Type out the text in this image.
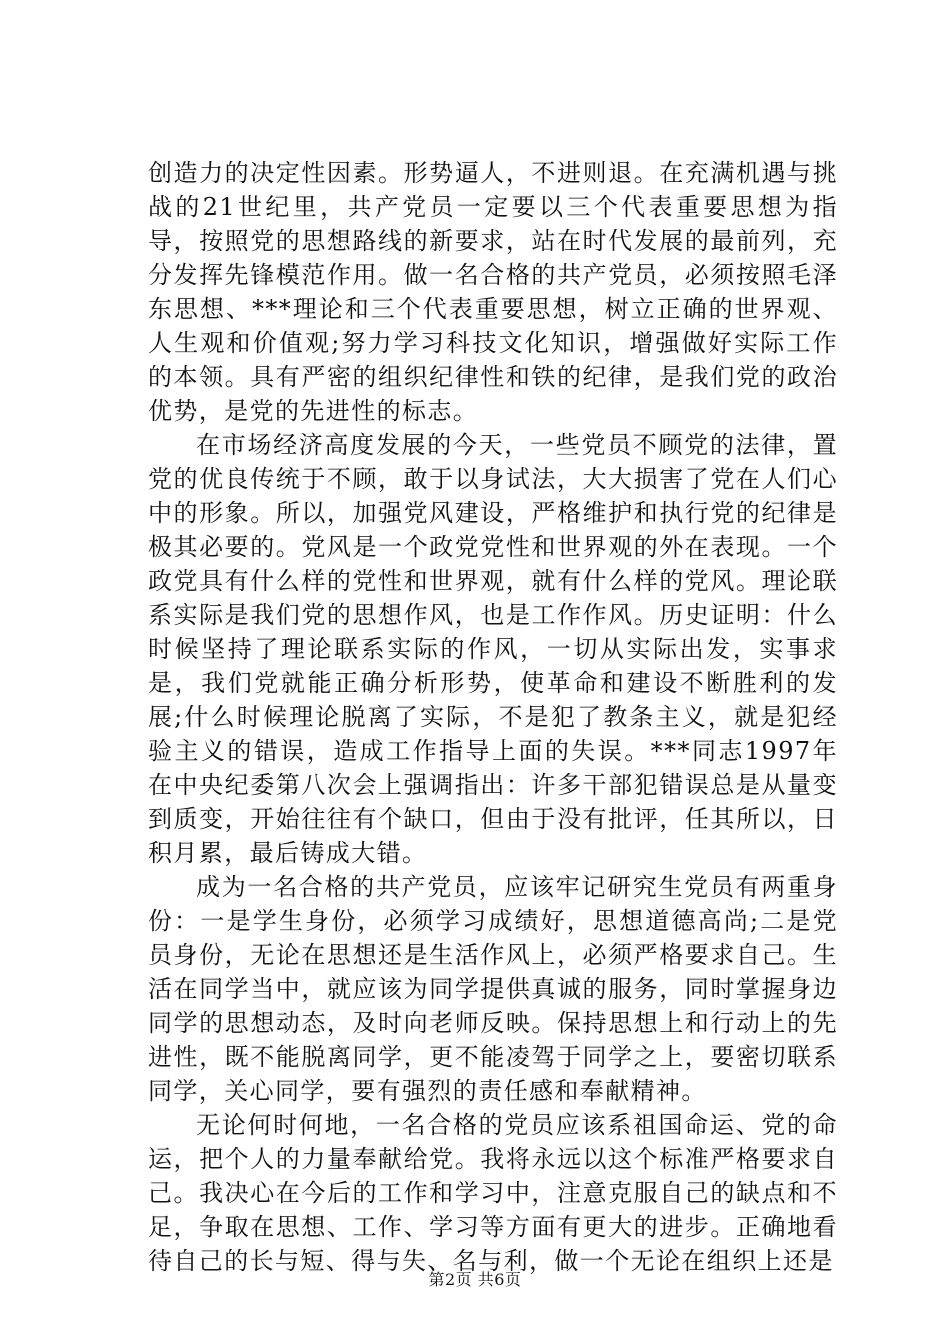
创造力的决定性因素。形势逼人，不进则退。在充满机遇与挑战的21世纪里，共产党员一定要以三个代表重要思想为指导，按照党的思想路线的新要求，站在时代发展的最前列，充分发挥先锋模范作用。做一名合格的共产党员，必须按照毛泽东思想、***理论和三个代表重要思想，树立正确的世界观、人生观和价值观;努力学习科技文化知识，增强做好实际工作的本领。具有严密的组织纪律性和铁的纪律，是我们党的政治优势，是党的先进性的标志。

在市场经济高度发展的今天，一些党员不顾党的法律，置党的优良传统于不顾，敢于以身试法，大大损害了党在人们心中的形象。所以，加强党风建设，严格维护和执行党的纪律是极其必要的。党风是一个政党党性和世界观的外在表现。一个政党具有什么样的党性和世界观，就有什么样的党风。理论联系实际是我们党的思想作风，也是工作作风。历史证明：什么时候坚持了理论联系实际的作风，一切从实际出发，实事求是，我们党就能正确分析形势，使革命和建设不断胜利的发展;什么时候理论脱离了实际，不是犯了教条主义，就是犯经验主义的错误，造成工作指导上面的失误。***同志1997年在中央纪委第八次会上强调指出：许多干部犯错误总是从量变到质变，开始往往有个缺口，但由于没有批评，任其所以，日积月累，最后铸成大错。

成为一名合格的共产党员，应该牢记研究生党员有两重身份：一是学生身份，必须学习成绩好，思想道德高尚;二是党员身份，无论在思想还是生活作风上，必须严格要求自己。生活在同学当中，就应该为同学提供真诚的服务，同时掌握身边同学的思想动态，及时向老师反映。保持思想上和行动上的先进性，既不能脱离同学，更不能凌驾于同学之上，要密切联系同学，关心同学，要有强烈的责任感和奉献精神。

无论何时何地，一名合格的党员应该系祖国命运、党的命运，把个人的力量奉献给党。我将永远以这个标准严格要求自己。我决心在今后的工作和学习中，注意克服自己的缺点和不足，争取在思想、工作、学习等方面有更大的进步。正确地看待自己的长与短、得与失、名与利，做一个无论在组织上还是

第2页 共6页
